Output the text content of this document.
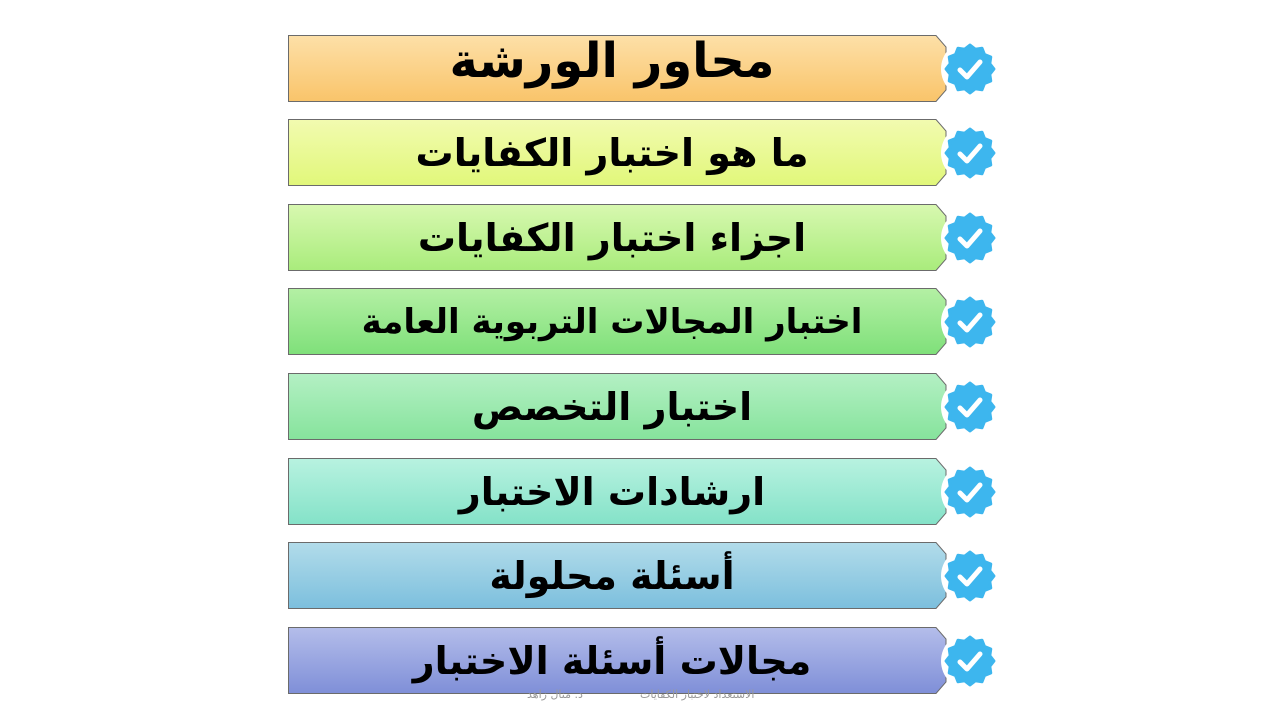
محاور الورشة
ما هو اختبار الكفايات
اجزاء اختبار الكفايات
اختبار المجالات التربوية العامة
اختبار التخصص
ارشادات الاختبار
أسئلة محلولة
مجالات أسئلة الاختبار
د. منال زاهد	الاستعداد لاختبار الكفايات
